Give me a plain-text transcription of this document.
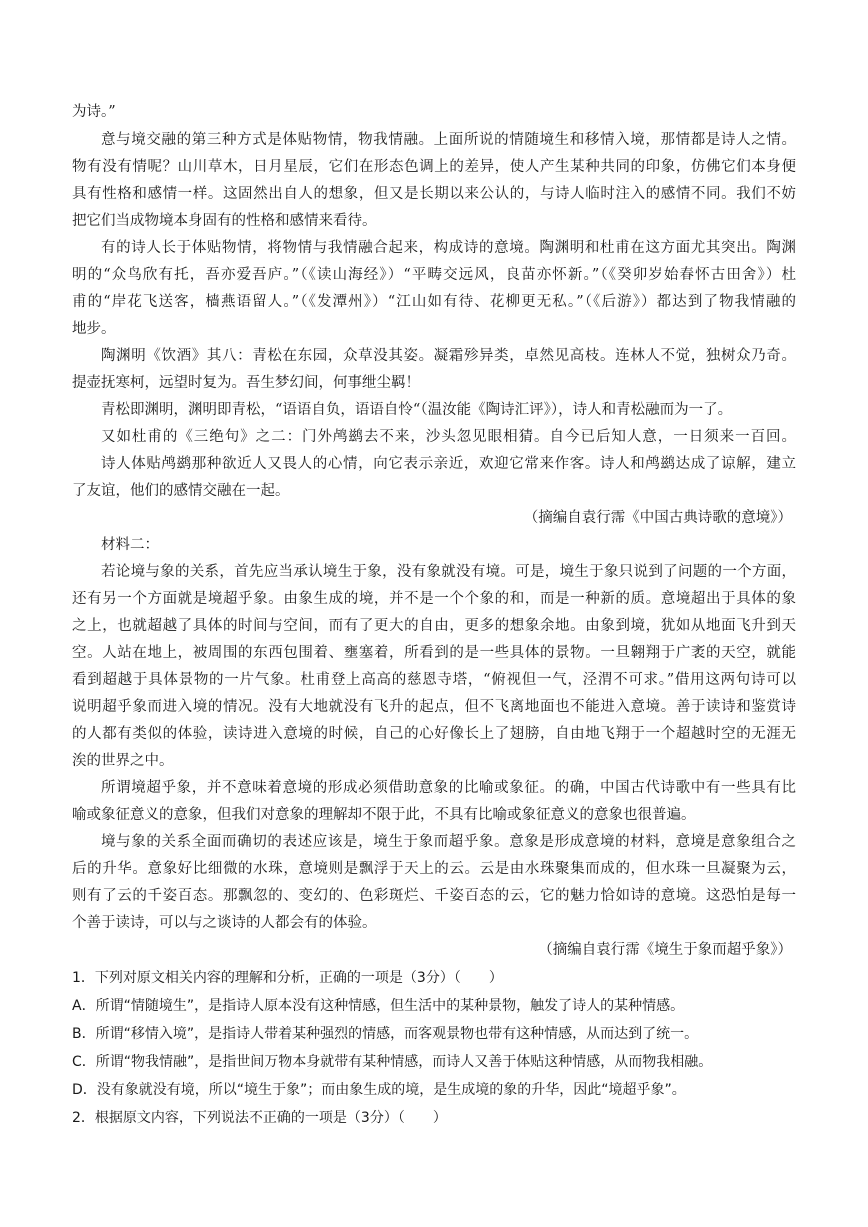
为诗。”
意与境交融的第三种方式是体贴物情，物我情融。上面所说的情随境生和移情入境，那情都是诗人之情。
物有没有情呢？山川草木，日月星辰，它们在形态色调上的差异，使人产生某种共同的印象，仿佛它们本身便
具有性格和感情一样。这固然出自人的想象，但又是长期以来公认的，与诗人临时注入的感情不同。我们不妨
把它们当成物境本身固有的性格和感情来看待。
有的诗人长于体贴物情，将物情与我情融合起来，构成诗的意境。陶渊明和杜甫在这方面尤其突出。陶渊
明的“众鸟欣有托，吾亦爱吾庐。”（《读山海经》）“平畴交远风，良苗亦怀新。”（《癸卯岁始春怀古田舍》）杜
甫的“岸花飞送客，樯燕语留人。”（《发潭州》）“江山如有待、花柳更无私。”（《后游》）都达到了物我情融的
地步。
陶渊明《饮酒》其八：青松在东园，众草没其姿。凝霜殄异类，卓然见高枝。连林人不觉，独树众乃奇。
提壶抚寒柯，远望时复为。吾生梦幻间，何事绁尘羁！
青松即渊明，渊明即青松，“语语自负，语语自怜“（温汝能《陶诗汇评》），诗人和青松融而为一了。
又如杜甫的《三绝句》之二：门外鸬鹚去不来，沙头忽见眼相猜。自今已后知人意，一日须来一百回。
诗人体贴鸬鹚那种欲近人又畏人的心情，向它表示亲近，欢迎它常来作客。诗人和鸬鹚达成了谅解，建立
了友谊，他们的感情交融在一起。
（摘编自袁行霈《中国古典诗歌的意境》）
材料二：
若论境与象的关系，首先应当承认境生于象，没有象就没有境。可是，境生于象只说到了问题的一个方面，
还有另一个方面就是境超乎象。由象生成的境，并不是一个个象的和，而是一种新的质。意境超出于具体的象
之上，也就超越了具体的时间与空间，而有了更大的自由，更多的想象余地。由象到境，犹如从地面飞升到天
空。人站在地上，被周围的东西包围着、壅塞着，所看到的是一些具体的景物。一旦翱翔于广袤的天空，就能
看到超越于具体景物的一片气象。杜甫登上高高的慈恩寺塔，“俯视但一气，泾渭不可求。”借用这两句诗可以
说明超乎象而进入境的情况。没有大地就没有飞升的起点，但不飞离地面也不能进入意境。善于读诗和鉴赏诗
的人都有类似的体验，读诗进入意境的时候，自己的心好像长上了翅膀，自由地飞翔于一个超越时空的无涯无
涘的世界之中。
所谓境超乎象，并不意味着意境的形成必须借助意象的比喻或象征。的确，中国古代诗歌中有一些具有比
喻或象征意义的意象，但我们对意象的理解却不限于此，不具有比喻或象征意义的意象也很普遍。
境与象的关系全面而确切的表述应该是，境生于象而超乎象。意象是形成意境的材料，意境是意象组合之
后的升华。意象好比细微的水珠，意境则是飘浮于天上的云。云是由水珠聚集而成的，但水珠一旦凝聚为云，
则有了云的千姿百态。那飘忽的、变幻的、色彩斑烂、千姿百态的云，它的魅力恰如诗的意境。这恐怕是每一
个善于读诗，可以与之谈诗的人都会有的体验。
（摘编自袁行霈《境生于象而超乎象》）
1．下列对原文相关内容的理解和分析，正确的一项是（3分）（　　）
A．所谓“情随境生”，是指诗人原本没有这种情感，但生活中的某种景物，触发了诗人的某种情感。
B．所谓“移情入境”，是指诗人带着某种强烈的情感，而客观景物也带有这种情感，从而达到了统一。
C．所谓“物我情融”，是指世间万物本身就带有某种情感，而诗人又善于体贴这种情感，从而物我相融。
D．没有象就没有境，所以“境生于象”；而由象生成的境，是生成境的象的升华，因此“境超乎象”。
2．根据原文内容，下列说法不正确的一项是（3分）（　　）
